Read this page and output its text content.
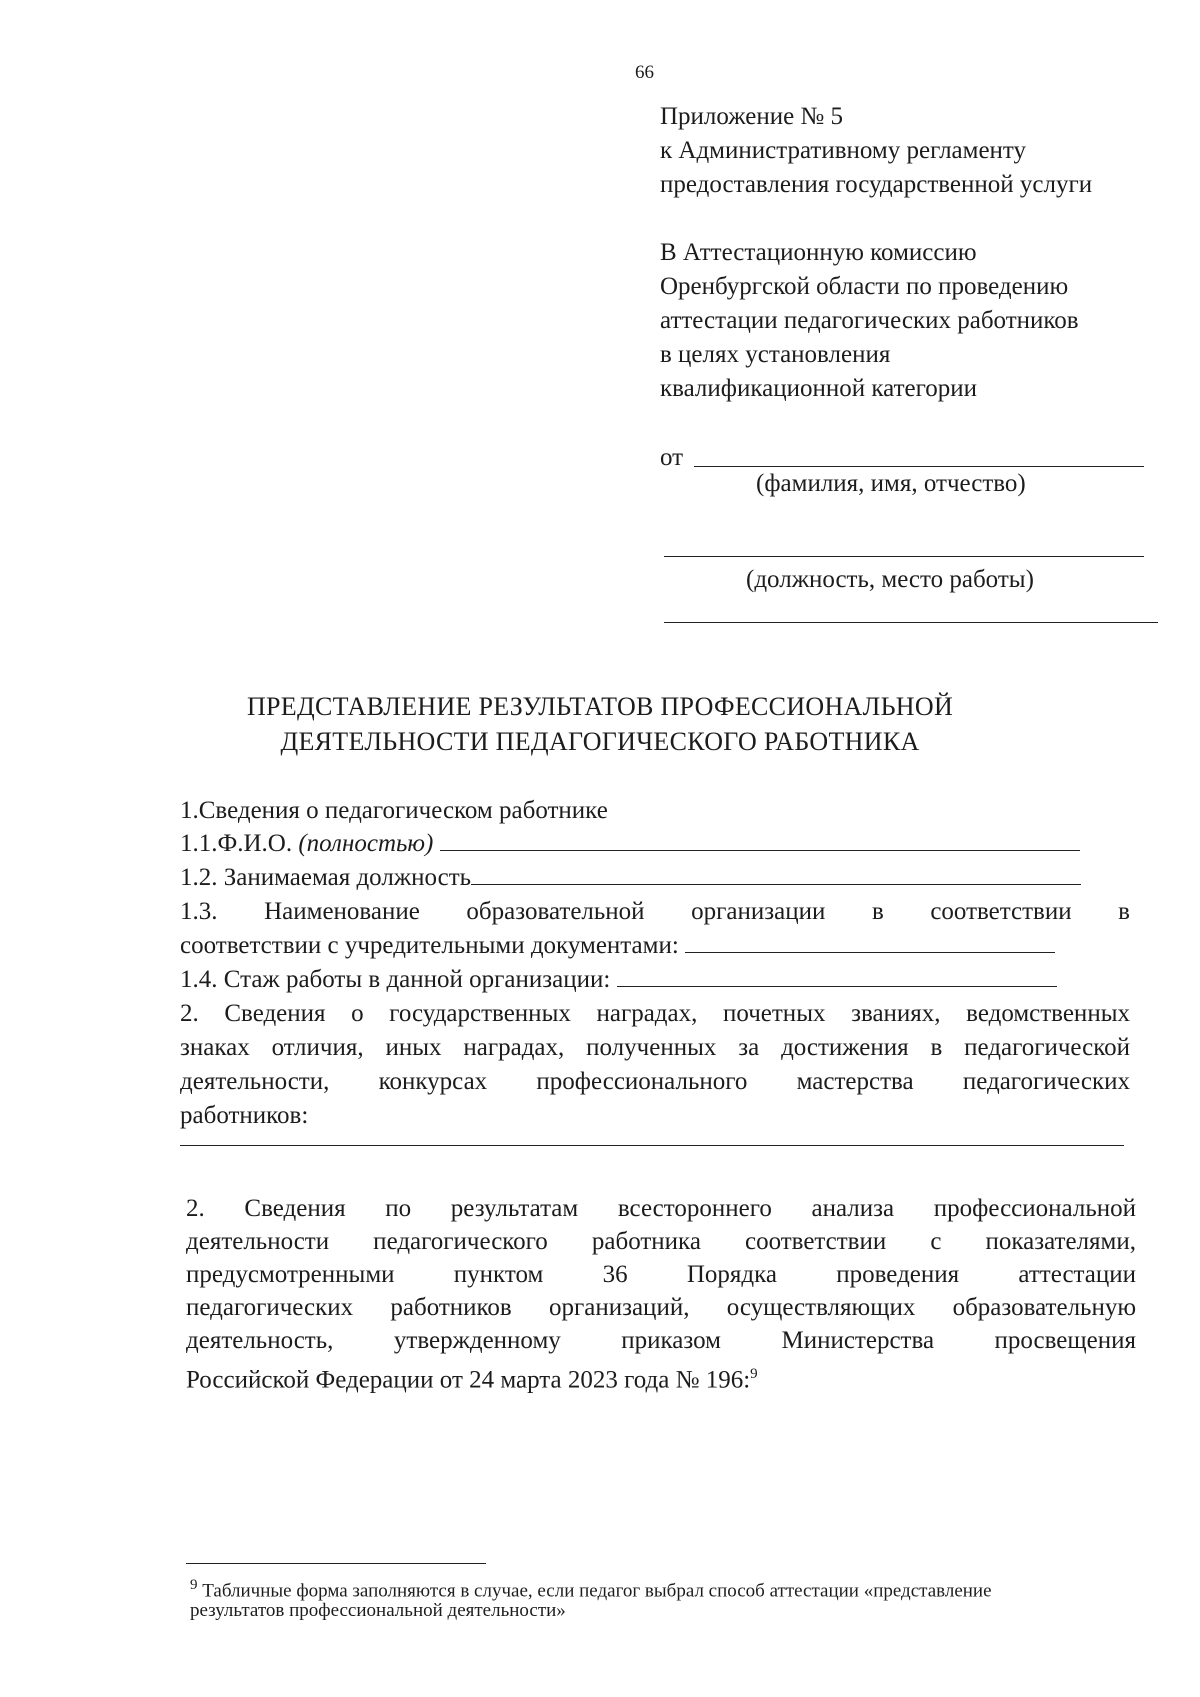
66

Приложение № 5

к Административному регламенту

предоставления государственной услуги

В Аттестационную комиссию

Оренбургской области по проведению

аттестации педагогических работников

в целях установления

квалификационной категории

от

(фамилия, имя, отчество)

(должность, место работы)

ПРЕДСТАВЛЕНИЕ РЕЗУЛЬТАТОВ ПРОФЕССИОНАЛЬНОЙ

ДЕЯТЕЛЬНОСТИ ПЕДАГОГИЧЕСКОГО РАБОТНИКА

1.Сведения о педагогическом работнике

1.1.Ф.И.О. (полностью)

1.2. Занимаемая должность

1.3. Наименование образовательной организации в соответствии в

соответствии с учредительными документами:

1.4. Стаж работы в данной организации:

2. Сведения о государственных наградах, почетных званиях, ведомственных

знаках отличия, иных наградах, полученных за достижения в педагогической

деятельности, конкурсах профессионального мастерства педагогических

работников:

2. Сведения по результатам всестороннего анализа профессиональной

деятельности педагогического работника соответствии с показателями,

предусмотренными пунктом 36 Порядка проведения аттестации

педагогических работников организаций, осуществляющих образовательную

деятельность, утвержденному приказом Министерства просвещения

Российской Федерации от 24 марта 2023 года № 196:$^9$

$^9$ Табличные форма заполняются в случае, если педагог выбрал способ аттестации «представление

результатов профессиональной деятельности»
